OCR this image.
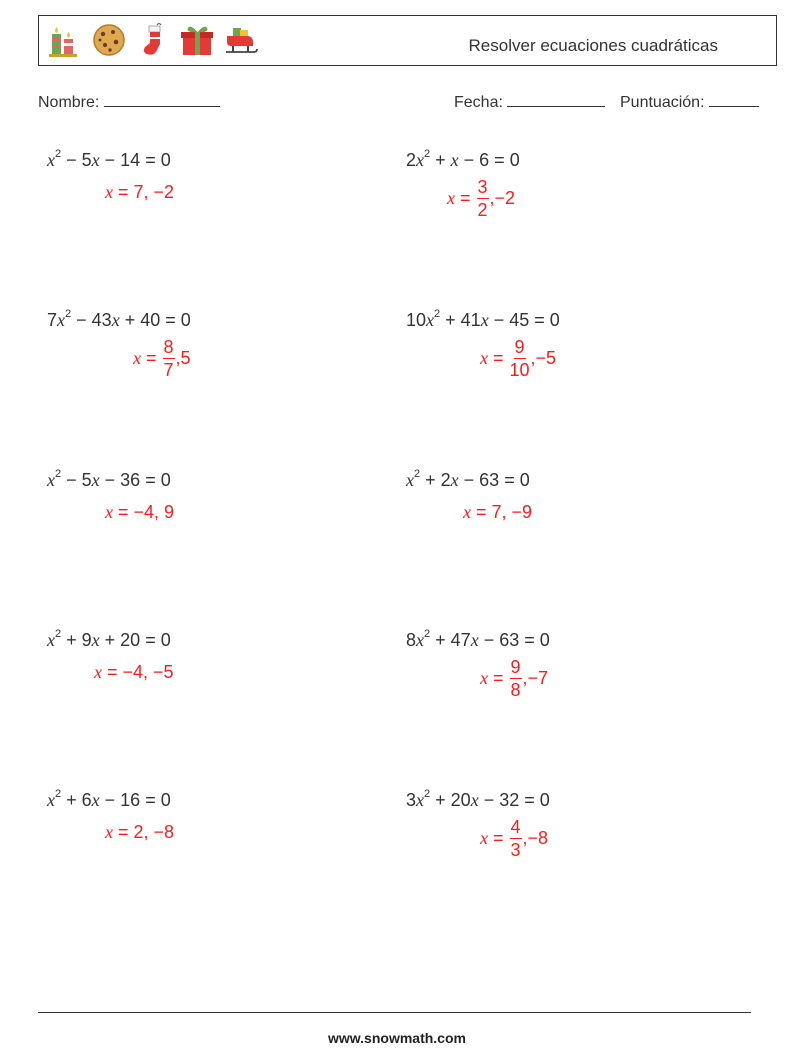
Resolver ecuaciones cuadráticas
Nombre:	Fecha:	Puntuación:
$x^2 - 5x - 14 = 0$
x = 7, −2
$2x^2 + x - 6 = 0$
$x = \frac{3}{2} ,-2$
$7x^2 - 43x + 40 = 0$
$x = \frac{8}{7} ,5$
$10x^2 + 41x - 45 = 0$
$x = \frac{9}{10} ,-5$
$x^2 - 5x - 36 = 0$
x = −4, 9
$x^2 + 2x - 63 = 0$
x = 7, −9
$x^2 + 9x + 20 = 0$
x = −4, −5
$8x^2 + 47x - 63 = 0$
$x = \frac{9}{8} ,-7$
$x^2 + 6x - 16 = 0$
x = 2, −8
$3x^2 + 20x - 32 = 0$
$x = \frac{4}{3} ,-8$
www.snowmath.com
